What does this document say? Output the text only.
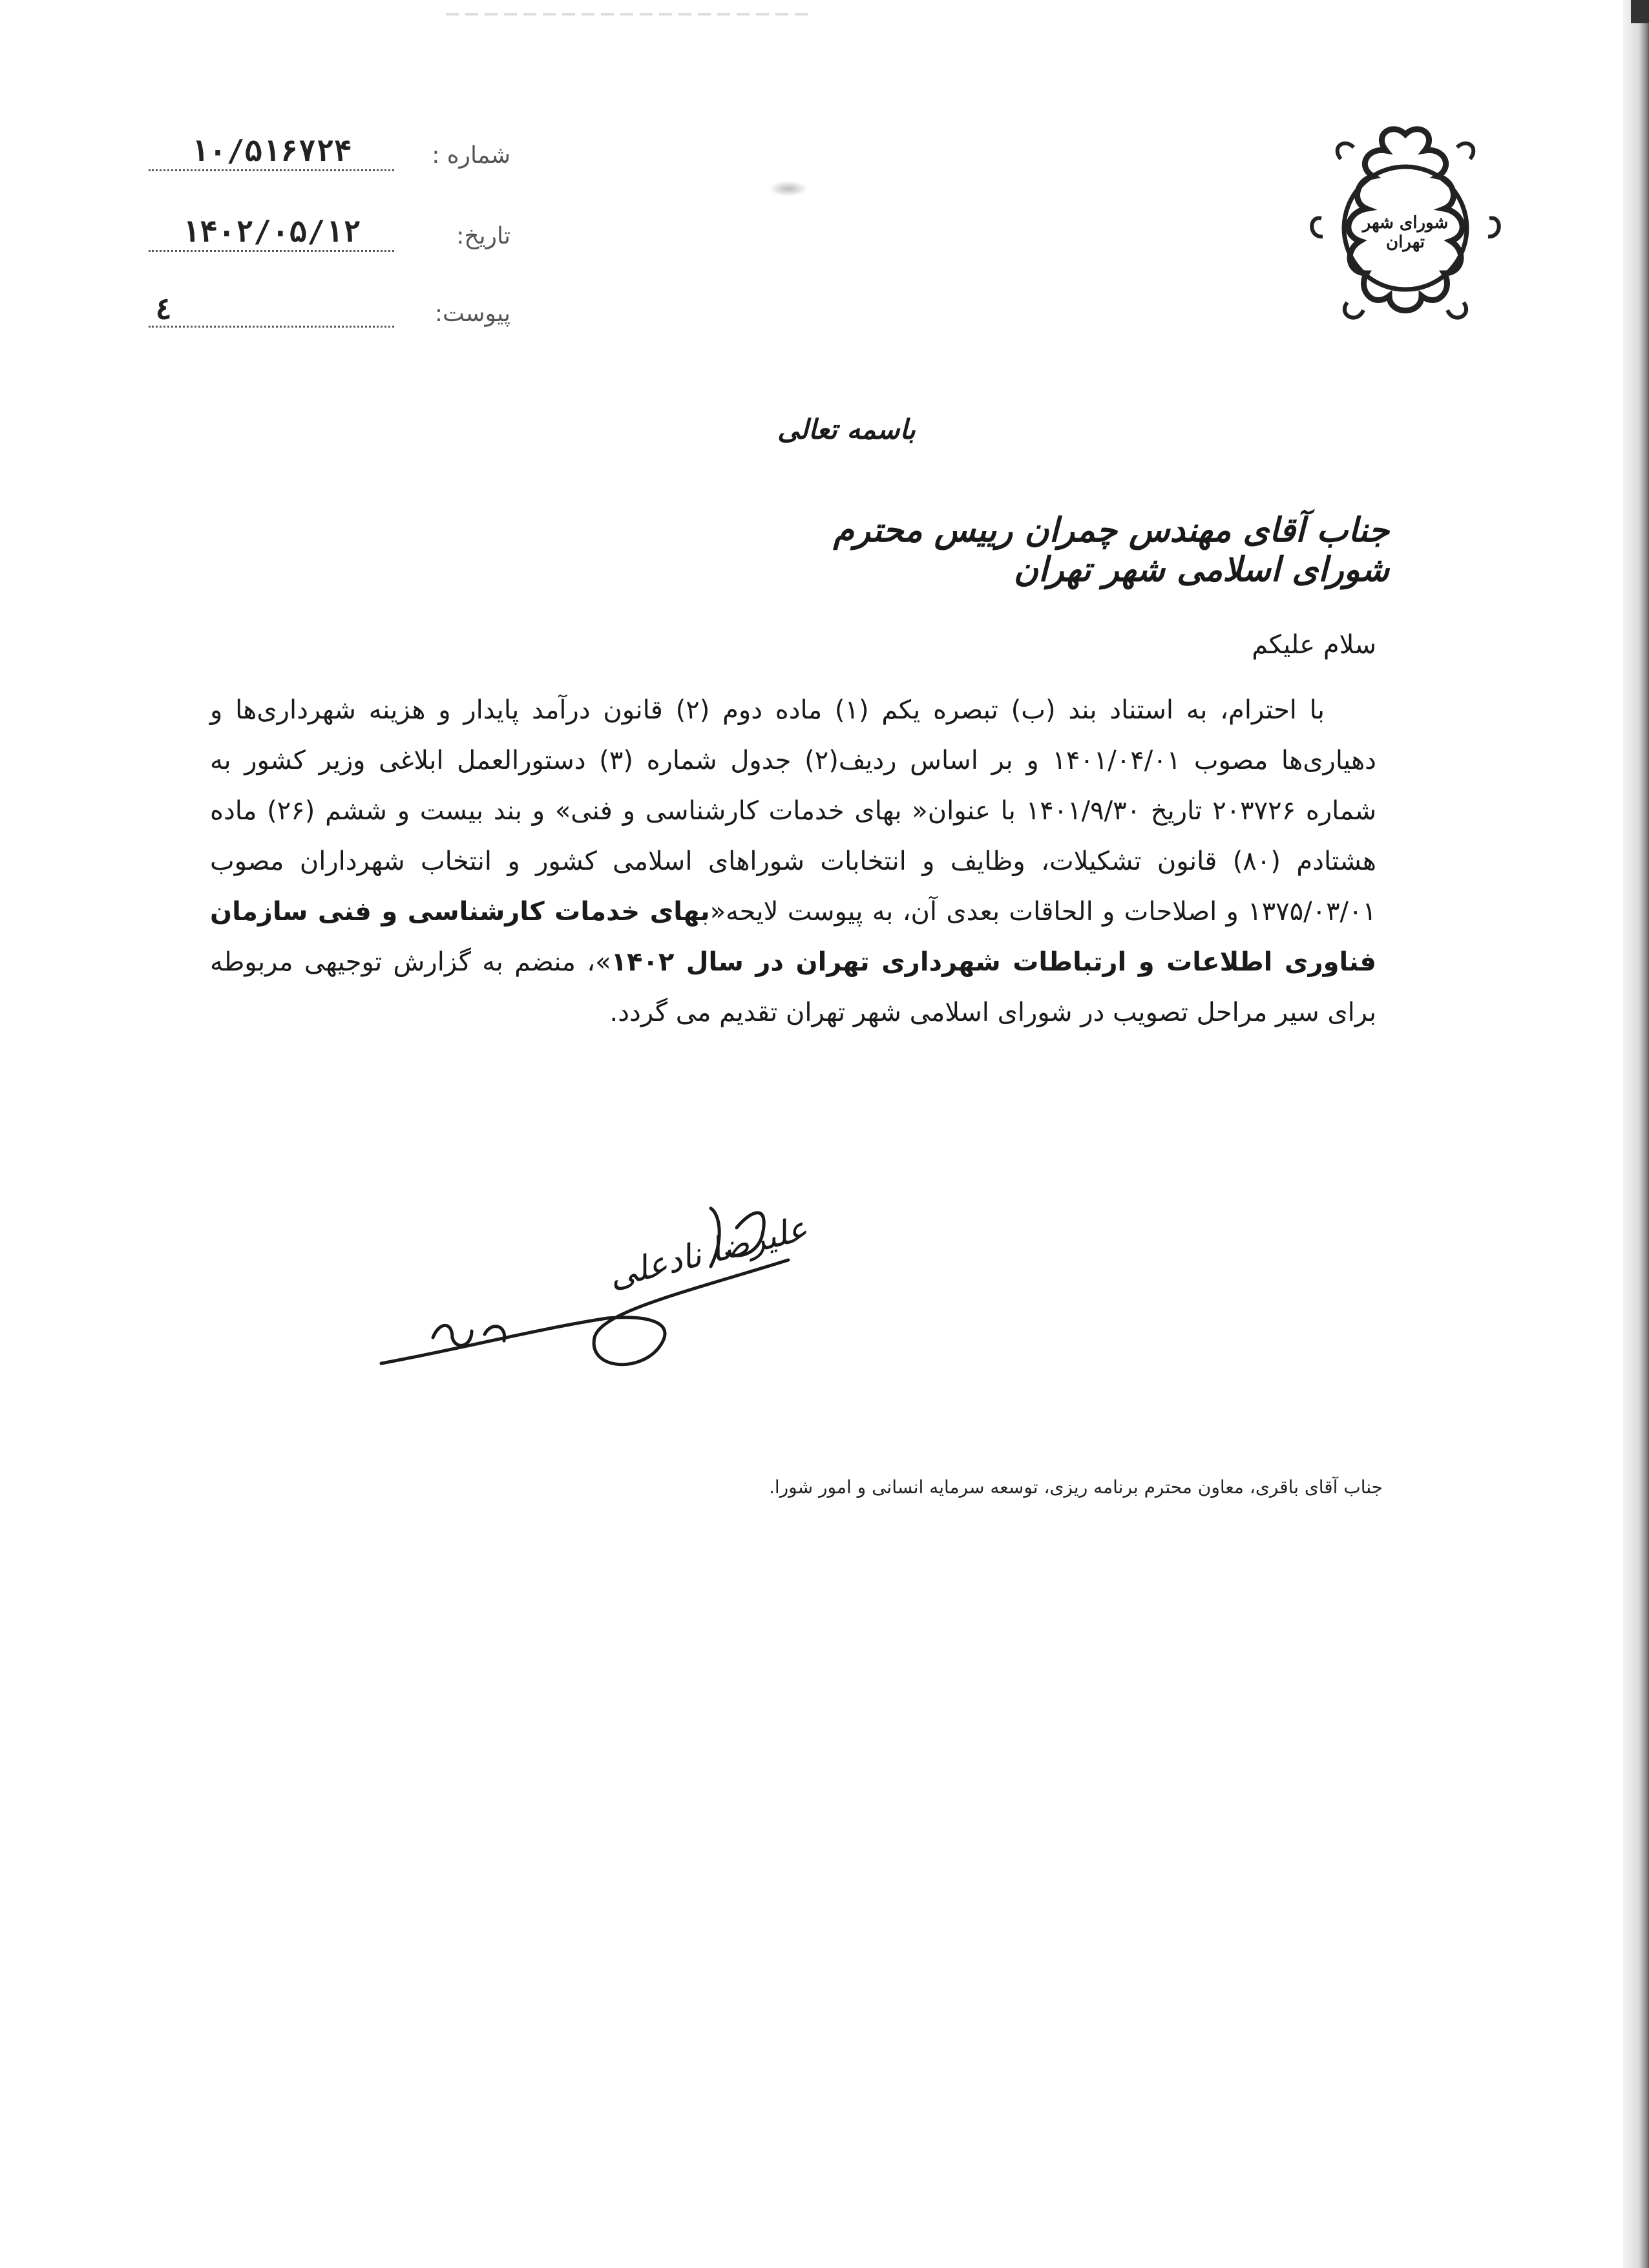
شورای شهر تهران
شماره :
۱۰/۵۱۶۷۲۴
تاریخ:
۱۴۰۲/۰۵/۱۲
پیوست:
٤
باسمه تعالی
جناب آقای مهندس چمران رییس محترم شورای اسلامی شهر تهران
سلام علیکم
با احترام، به استناد بند (ب) تبصره یکم (۱) ماده دوم (۲) قانون درآمد پایدار و هزینه شهرداری‌ها و دهیاری‌ها مصوب ۱۴۰۱/۰۴/۰۱ و بر اساس ردیف(۲) جدول شماره (۳) دستورالعمل ابلاغی وزیر کشور به شماره ۲۰۳۷۲۶ تاریخ ۱۴۰۱/۹/۳۰ با عنوان« بهای خدمات کارشناسی و فنی» و بند بیست و ششم (۲۶) ماده هشتادم (۸۰) قانون تشکیلات، وظایف و انتخابات شوراهای اسلامی کشور و انتخاب شهرداران مصوب ۱۳۷۵/۰۳/۰۱ و اصلاحات و الحاقات بعدی آن، به پیوست لایحه«بهای خدمات کارشناسی و فنی سازمان فناوری اطلاعات و ارتباطات شهرداری تهران در سال ۱۴۰۲»، منضم به گزارش توجیهی مربوطه برای سیر مراحل تصویب در شورای اسلامی شهر تهران تقدیم می گردد.
علیرضا نادعلی
جناب آقای باقری، معاون محترم برنامه ریزی، توسعه سرمایه انسانی و امور شورا.
